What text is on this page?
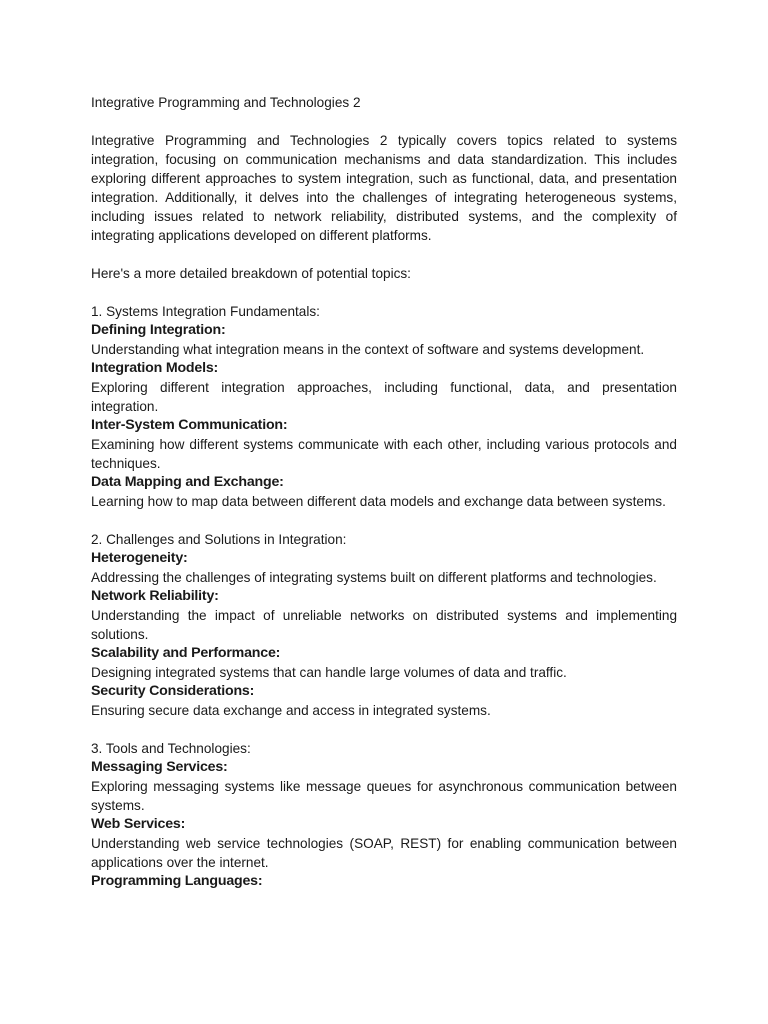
Integrative Programming and Technologies 2

Integrative Programming and Technologies 2 typically covers topics related to systems integration, focusing on communication mechanisms and data standardization. This includes exploring different approaches to system integration, such as functional, data, and presentation integration. Additionally, it delves into the challenges of integrating heterogeneous systems, including issues related to network reliability, distributed systems, and the complexity of integrating applications developed on different platforms.

Here's a more detailed breakdown of potential topics:

1. Systems Integration Fundamentals:

Defining Integration:

Understanding what integration means in the context of software and systems development.

Integration Models:

Exploring different integration approaches, including functional, data, and presentation integration.

Inter-System Communication:

Examining how different systems communicate with each other, including various protocols and techniques.

Data Mapping and Exchange:

Learning how to map data between different data models and exchange data between systems.

2. Challenges and Solutions in Integration:

Heterogeneity:

Addressing the challenges of integrating systems built on different platforms and technologies.

Network Reliability:

Understanding the impact of unreliable networks on distributed systems and implementing solutions.

Scalability and Performance:

Designing integrated systems that can handle large volumes of data and traffic.

Security Considerations:

Ensuring secure data exchange and access in integrated systems.

3. Tools and Technologies:

Messaging Services:

Exploring messaging systems like message queues for asynchronous communication between systems.

Web Services:

Understanding web service technologies (SOAP, REST) for enabling communication between applications over the internet.

Programming Languages:
